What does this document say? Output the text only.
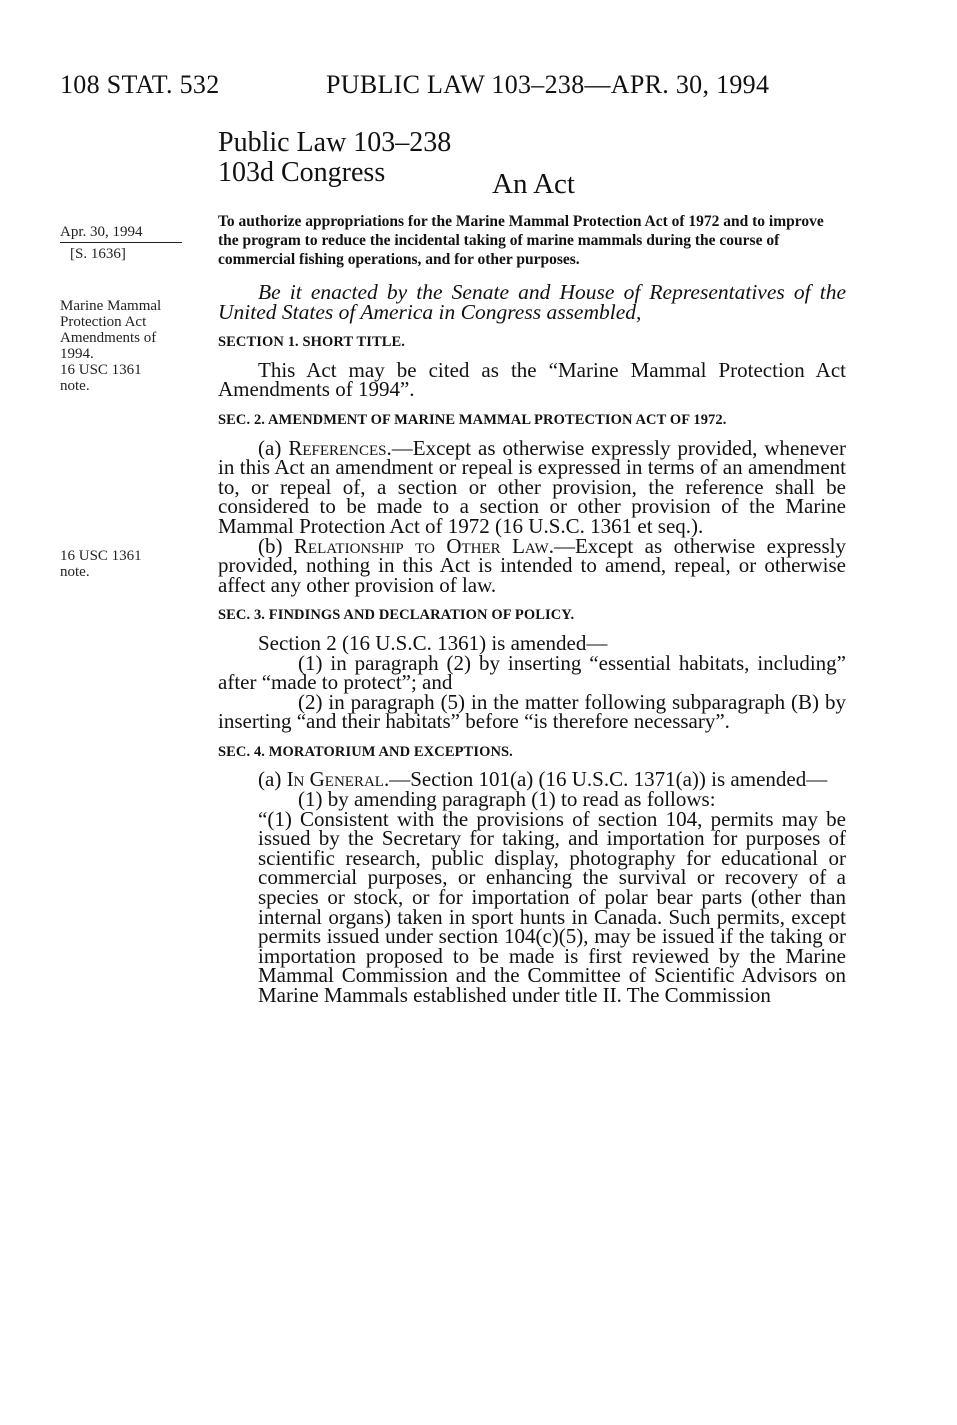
108 STAT. 532	PUBLIC LAW 103–238—APR. 30, 1994
Public Law 103–238
103d Congress	An Act
Apr. 30, 1994
[S. 1636]
Marine Mammal
Protection Act
Amendments of
1994.
16 USC 1361
note.
16 USC 1361
note.
To authorize appropriations for the Marine Mammal Protection Act of 1972 and to improve the program to reduce the incidental taking of marine mammals during the course of commercial fishing operations, and for other purposes.

Be it enacted by the Senate and House of Representatives of the United States of America in Congress assembled,

SECTION 1. SHORT TITLE.

This Act may be cited as the “Marine Mammal Protection Act Amendments of 1994”.

SEC. 2. AMENDMENT OF MARINE MAMMAL PROTECTION ACT OF 1972.

(a) References.—Except as otherwise expressly provided, whenever in this Act an amendment or repeal is expressed in terms of an amendment to, or repeal of, a section or other provision, the reference shall be considered to be made to a section or other provision of the Marine Mammal Protection Act of 1972 (16 U.S.C. 1361 et seq.).

(b) Relationship to Other Law.—Except as otherwise expressly provided, nothing in this Act is intended to amend, repeal, or otherwise affect any other provision of law.

SEC. 3. FINDINGS AND DECLARATION OF POLICY.

Section 2 (16 U.S.C. 1361) is amended—

(1) in paragraph (2) by inserting “essential habitats, including” after “made to protect”; and

(2) in paragraph (5) in the matter following subparagraph (B) by inserting “and their habitats” before “is therefore necessary”.

SEC. 4. MORATORIUM AND EXCEPTIONS.

(a) In General.—Section 101(a) (16 U.S.C. 1371(a)) is amended—

(1) by amending paragraph (1) to read as follows:

“(1) Consistent with the provisions of section 104, permits may be issued by the Secretary for taking, and importation for purposes of scientific research, public display, photography for educational or commercial purposes, or enhancing the survival or recovery of a species or stock, or for importation of polar bear parts (other than internal organs) taken in sport hunts in Canada. Such permits, except permits issued under section 104(c)(5), may be issued if the taking or importation proposed to be made is first reviewed by the Marine Mammal Commission and the Committee of Scientific Advisors on Marine Mammals established under title II. The Commission
